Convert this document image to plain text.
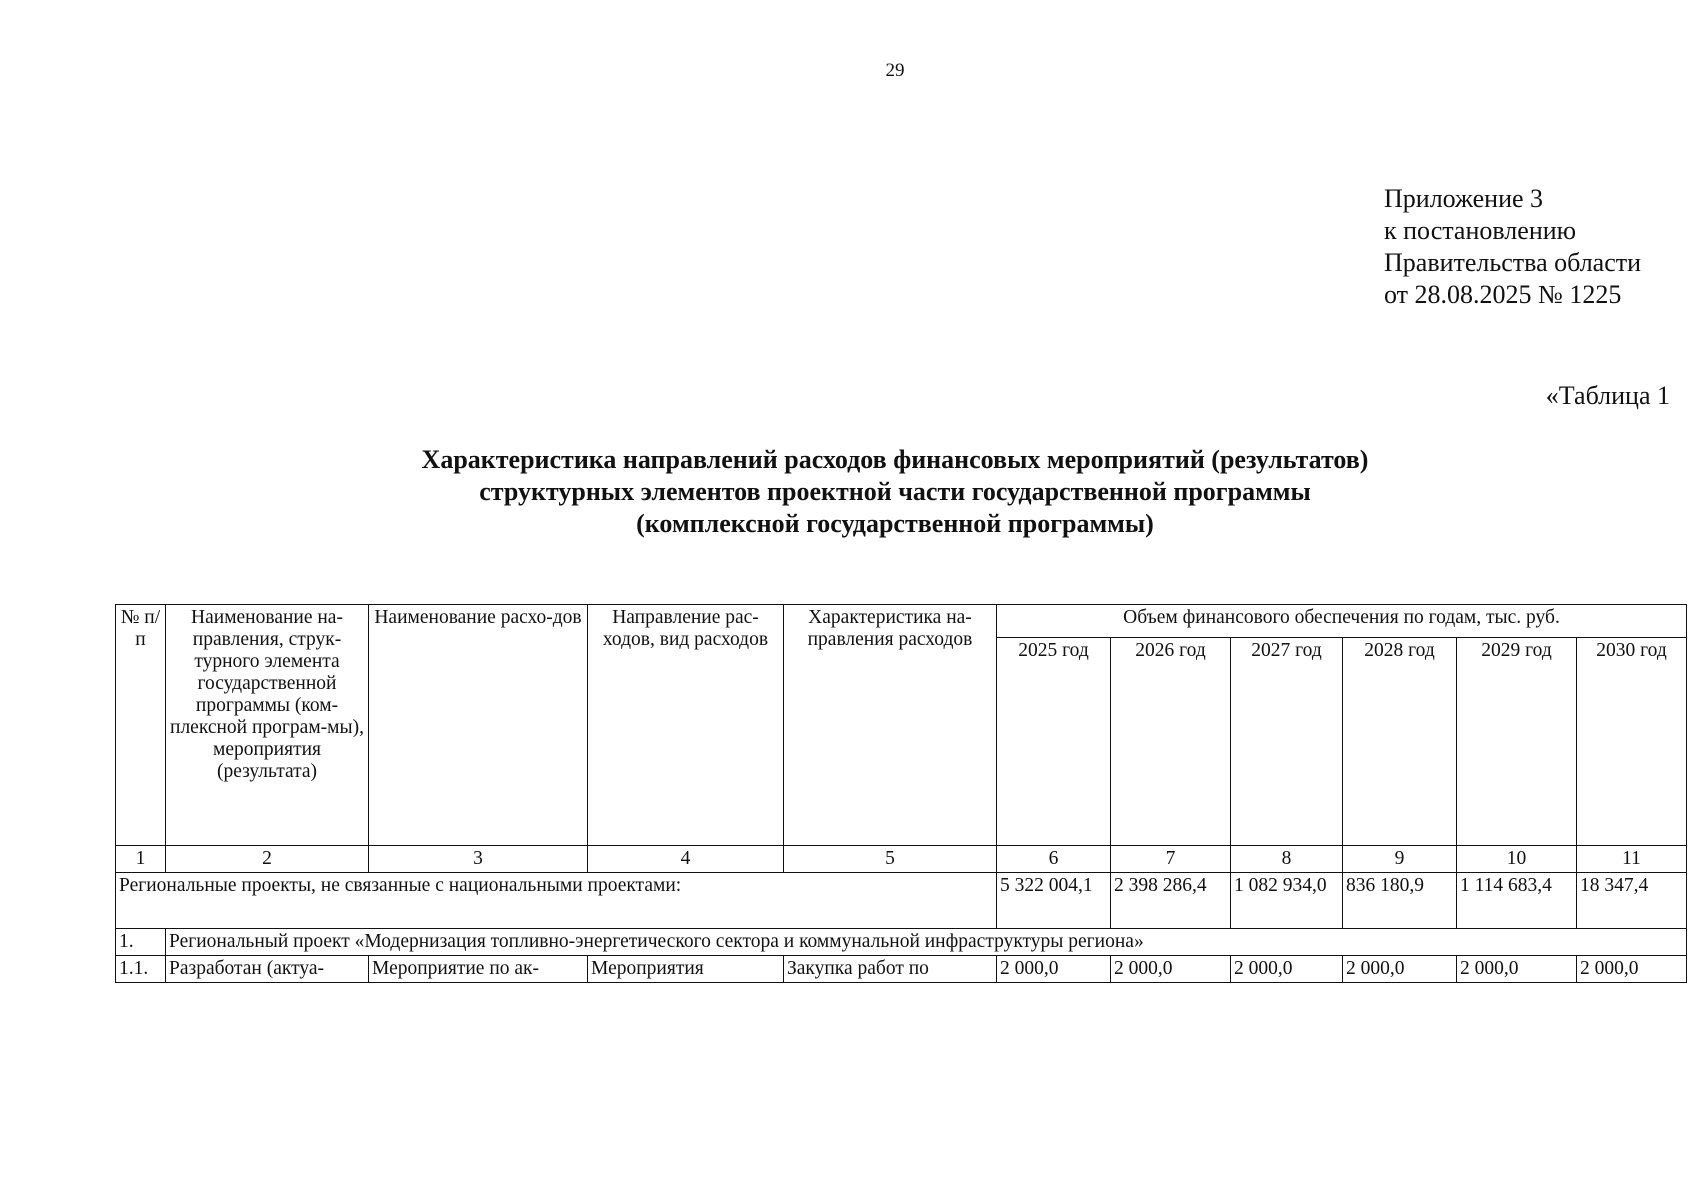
29
Приложение 3
к постановлению
Правительства области
от 28.08.2025 № 1225
«Таблица 1
Характеристика направлений расходов финансовых мероприятий (результатов)
структурных элементов проектной части государственной программы
(комплексной государственной программы)
№ п/п	Наименование на-правления, струк-турного элемента государственной программы (ком-плексной програм-мы), мероприятия (результата)	Наименование расхо-дов	Направление рас-ходов, вид расходов	Характеристика на-правления расходов	Объем финансового обеспечения по годам, тыс. руб.					
					2025 год	2026 год	2027 год	2028 год	2029 год	2030 год
1	2	3	4	5	6	7	8	9	10	11
Региональные проекты, не связанные с национальными проектами:					5 322 004,1	2 398 286,4	1 082 934,0	836 180,9	1 114 683,4	18 347,4
1.	Региональный проект «Модернизация топливно-энергетического сектора и коммунальной инфраструктуры региона»									
1.1.	Разработан (актуа-	Мероприятие по ак-	Мероприятия	Закупка работ по	2 000,0	2 000,0	2 000,0	2 000,0	2 000,0	2 000,0
